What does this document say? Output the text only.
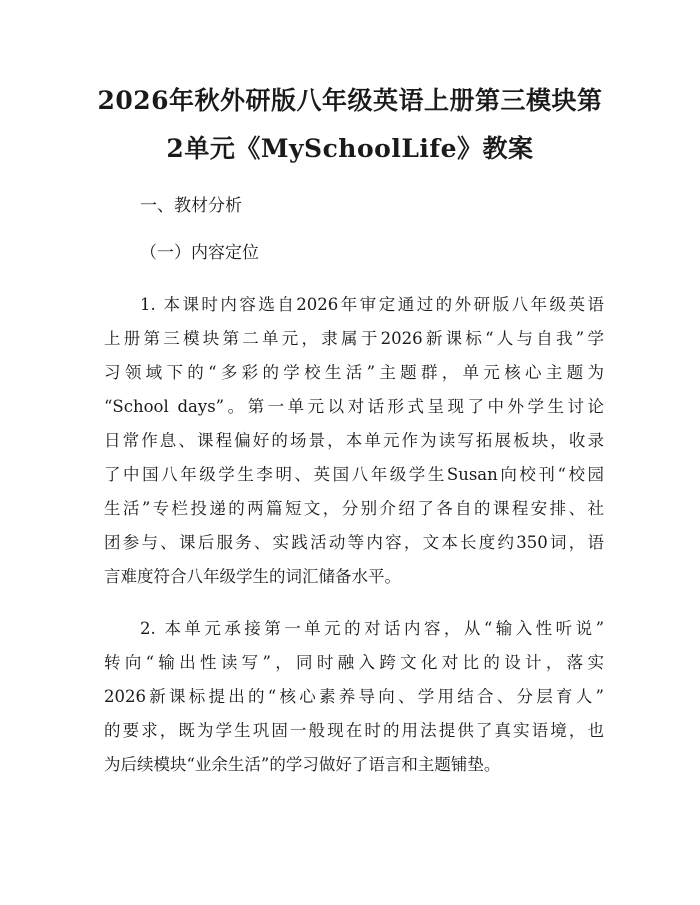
2026年秋外研版八年级英语上册第三模块第
2单元《MySchoolLife》教案
一、教材分析
（一）内容定位
1. 本课时内容选自2026年审定通过的外研版八年级英语
上册第三模块第二单元，隶属于2026新课标“人与自我”学
习领域下的“多彩的学校生活”主题群，单元核心主题为
“School days”。第一单元以对话形式呈现了中外学生讨论
日常作息、课程偏好的场景，本单元作为读写拓展板块，收录
了中国八年级学生李明、英国八年级学生Susan向校刊“校园
生活”专栏投递的两篇短文，分别介绍了各自的课程安排、社
团参与、课后服务、实践活动等内容，文本长度约350词，语
言难度符合八年级学生的词汇储备水平。
2. 本单元承接第一单元的对话内容，从“输入性听说”
转向“输出性读写”，同时融入跨文化对比的设计，落实
2026新课标提出的“核心素养导向、学用结合、分层育人”
的要求，既为学生巩固一般现在时的用法提供了真实语境，也
为后续模块“业余生活”的学习做好了语言和主题铺垫。
